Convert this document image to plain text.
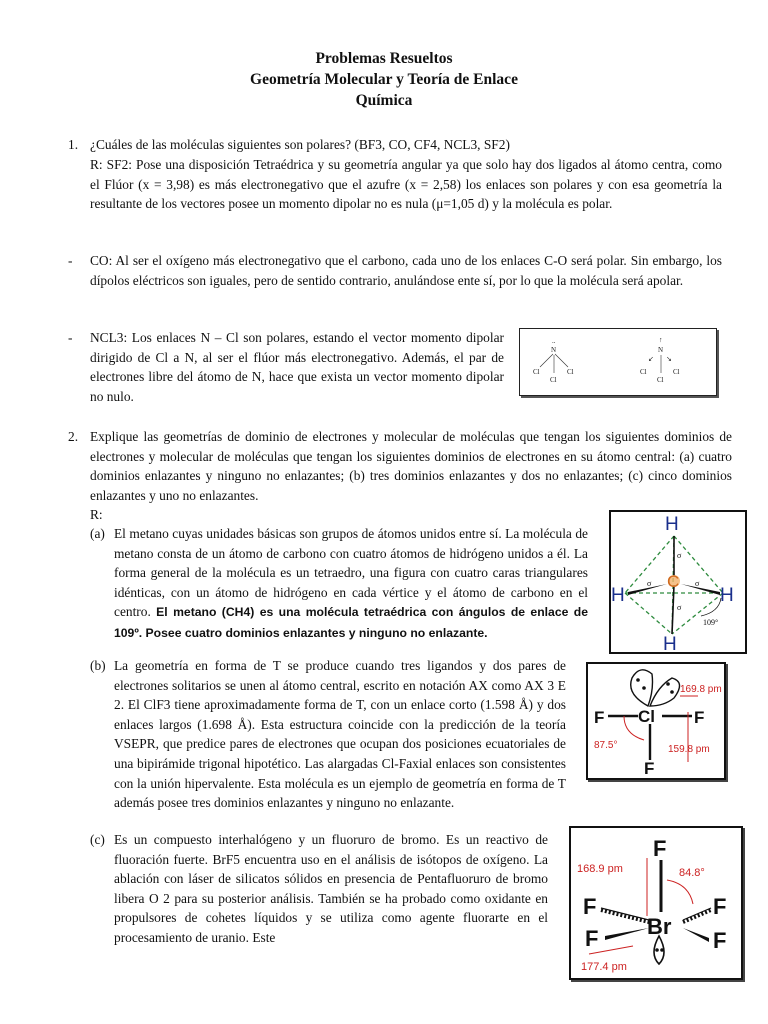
Problemas Resueltos
Geometría Molecular y Teoría de Enlace
Química
1. ¿Cuáles de las moléculas siguientes son polares? (BF3, CO, CF4, NCL3, SF2)
R: SF2: Pose una disposición Tetraédrica y su geometría angular ya que solo hay dos ligados al átomo centra, como el Flúor (x = 3,98) es más electronegativo que el azufre (x = 2,58) los enlaces son polares y con esa geometría la resultante de los vectores posee un momento dipolar no es nula (μ=1,05 d) y la molécula es polar.
- CO: Al ser el oxígeno más electronegativo que el carbono, cada uno de los enlaces C-O será polar. Sin embargo, los dípolos eléctricos son iguales, pero de sentido contrario, anulándose ente sí, por lo que la molécula será apolar.
- NCL3: Los enlaces N – Cl son polares, estando el vector momento dipolar dirigido de Cl a N, al ser el flúor más electronegativo. Además, el par de electrones libre del átomo de N, hace que exista un vector momento dipolar no nulo.
..
N
Cl	Cl
Cl
↑
N
↙ ↘
Cl	Cl
Cl
2. Explique las geometrías de dominio de electrones y molecular de moléculas que tengan los siguientes dominios de electrones y molecular de moléculas que tengan los siguientes dominios de electrones en su átomo central: (a) cuatro dominios enlazantes y ninguno no enlazantes; (b) tres dominios enlazantes y dos no enlazantes; (c) cinco dominios enlazantes y uno no enlazantes.
R:
(a) El metano cuyas unidades básicas son grupos de átomos unidos entre sí. La molécula de metano consta de un átomo de carbono con cuatro átomos de hidrógeno unidos a él. La forma general de la molécula es un tetraedro, una figura con cuatro caras triangulares idénticas, con un átomo de hidrógeno en cada vértice y el átomo de carbono en el centro. El metano (CH4) es una molécula tetraédrica con ángulos de enlace de 109º. Posee cuatro dominios enlazantes y ninguno no enlazante.
H
H	H
H
C
σ
σ	σ
σ
109°
(b) La geometría en forma de T se produce cuando tres ligandos y dos pares de electrones solitarios se unen al átomo central, escrito en notación AX como AX 3 E 2. El ClF3 tiene aproximadamente forma de T, con un enlace corto (1.598 Å) y dos enlaces largos (1.698 Å). Esta estructura coincide con la predicción de la teoría VSEPR, que predice pares de electrones que ocupan dos posiciones ecuatoriales de una bipirámide trigonal hipotético. Las alargadas Cl-Faxial enlaces son consistentes con la unión hipervalente. Esta molécula es un ejemplo de geometría en forma de T además posee tres dominios enlazantes y ninguno no enlazante.
F	F
F
Cl
169.8 pm
159.8 pm
87.5°
(c) Es un compuesto interhalógeno y un fluoruro de bromo. Es un reactivo de fluoración fuerte. BrF5 encuentra uso en el análisis de isótopos de oxígeno. La ablación con láser de silicatos sólidos en presencia de Pentafluoruro de bromo libera O 2 para su posterior análisis. También se ha probado como oxidante en propulsores de cohetes líquidos y se utiliza como agente fluorarte en el procesamiento de uranio. Este
F
F	F
F	F
Br
168.9 pm	84.8°
177.4 pm
